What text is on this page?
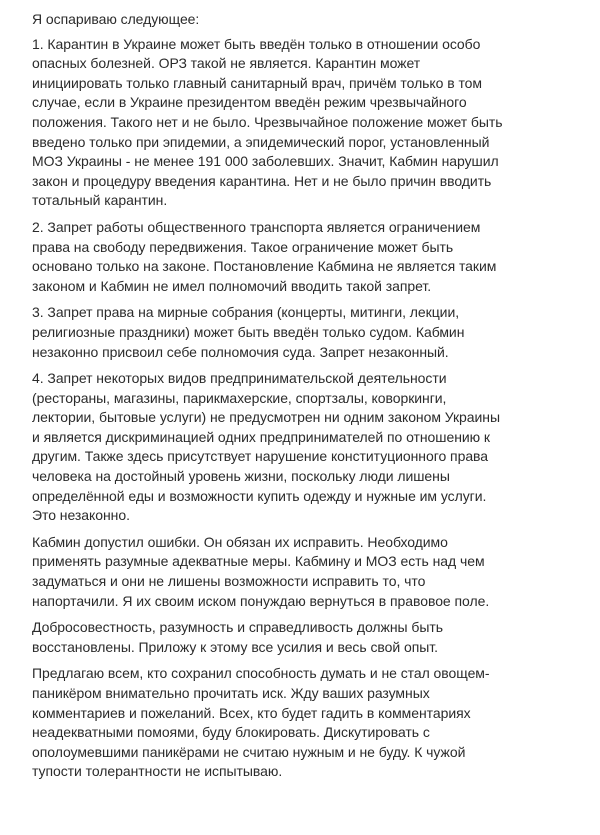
Я оспариваю следующее:

1. Карантин в Украине может быть введён только в отношении особо
опасных болезней. ОРЗ такой не является. Карантин может
инициировать только главный санитарный врач, причём только в том
случае, если в Украине президентом введён режим чрезвычайного
положения. Такого нет и не было. Чрезвычайное положение может быть
введено только при эпидемии, а эпидемический порог, установленный
МОЗ Украины - не менее 191 000 заболевших. Значит, Кабмин нарушил
закон и процедуру введения карантина. Нет и не было причин вводить
тотальный карантин.

2. Запрет работы общественного транспорта является ограничением
права на свободу передвижения. Такое ограничение может быть
основано только на законе. Постановление Кабмина не является таким
законом и Кабмин не имел полномочий вводить такой запрет.

3. Запрет права на мирные собрания (концерты, митинги, лекции,
религиозные праздники) может быть введён только судом. Кабмин
незаконно присвоил себе полномочия суда. Запрет незаконный.

4. Запрет некоторых видов предпринимательской деятельности
(рестораны, магазины, парикмахерские, спортзалы, коворкинги,
лектории, бытовые услуги) не предусмотрен ни одним законом Украины
и является дискриминацией одних предпринимателей по отношению к
другим. Также здесь присутствует нарушение конституционного права
человека на достойный уровень жизни, поскольку люди лишены
определённой еды и возможности купить одежду и нужные им услуги.
Это незаконно.

Кабмин допустил ошибки. Он обязан их исправить. Необходимо
применять разумные адекватные меры. Кабмину и МОЗ есть над чем
задуматься и они не лишены возможности исправить то, что
напортачили. Я их своим иском понуждаю вернуться в правовое поле.

Добросовестность, разумность и справедливость должны быть
восстановлены. Приложу к этому все усилия и весь свой опыт.

Предлагаю всем, кто сохранил способность думать и не стал овощем-
паникёром внимательно прочитать иск. Жду ваших разумных
комментариев и пожеланий. Всех, кто будет гадить в комментариях
неадекватными помоями, буду блокировать. Дискутировать с
ополоумевшими паникёрами не считаю нужным и не буду. К чужой
тупости толерантности не испытываю.
